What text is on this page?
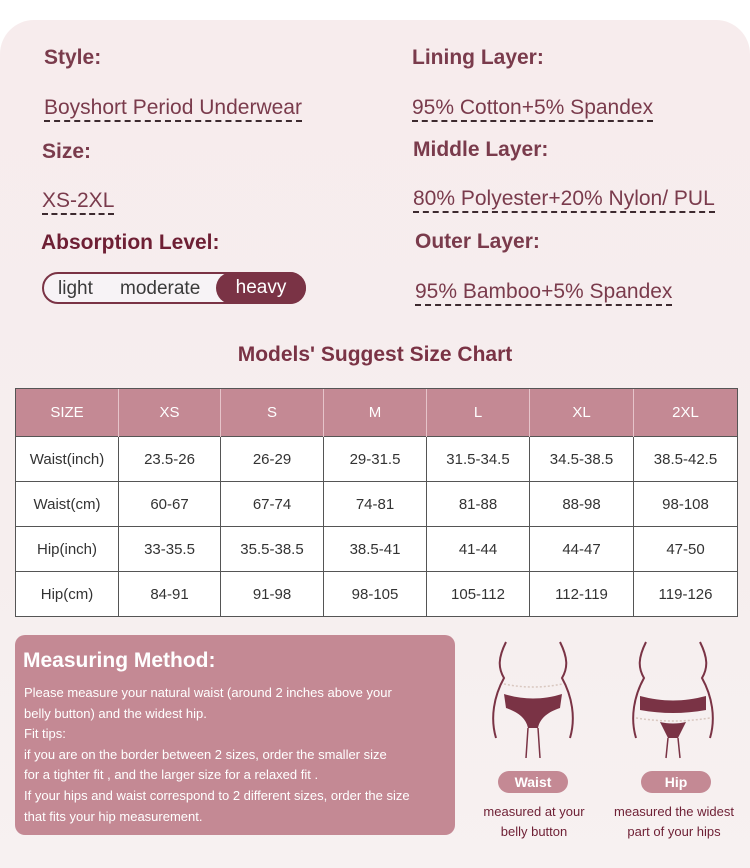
Style:
Boyshort Period Underwear
Size:
XS-2XL
Absorption Level:
light moderate	heavy
Lining Layer:
95% Cotton+5% Spandex
Middle Layer:
80% Polyester+20% Nylon/ PUL
Outer Layer:
95% Bamboo+5% Spandex
Models' Suggest Size Chart
SIZE	XS	S	M	L	XL	2XL
Waist(inch)	23.5-26	26-29	29-31.5	31.5-34.5	34.5-38.5	38.5-42.5
Waist(cm)	60-67	67-74	74-81	81-88	88-98	98-108
Hip(inch)	33-35.5	35.5-38.5	38.5-41	41-44	44-47	47-50
Hip(cm)	84-91	91-98	98-105	105-112	112-119	119-126
Measuring Method:

Please measure your natural waist (around 2 inches above your
belly button) and the widest hip.
Fit tips:
if you are on the border between 2 sizes, order the smaller size
for a tighter fit , and the larger size for a relaxed fit .
If your hips and waist correspond to 2 different sizes, order the size
that fits your hip measurement.

Waist
measured at your
belly button
Hip
measured the widest
part of your hips
